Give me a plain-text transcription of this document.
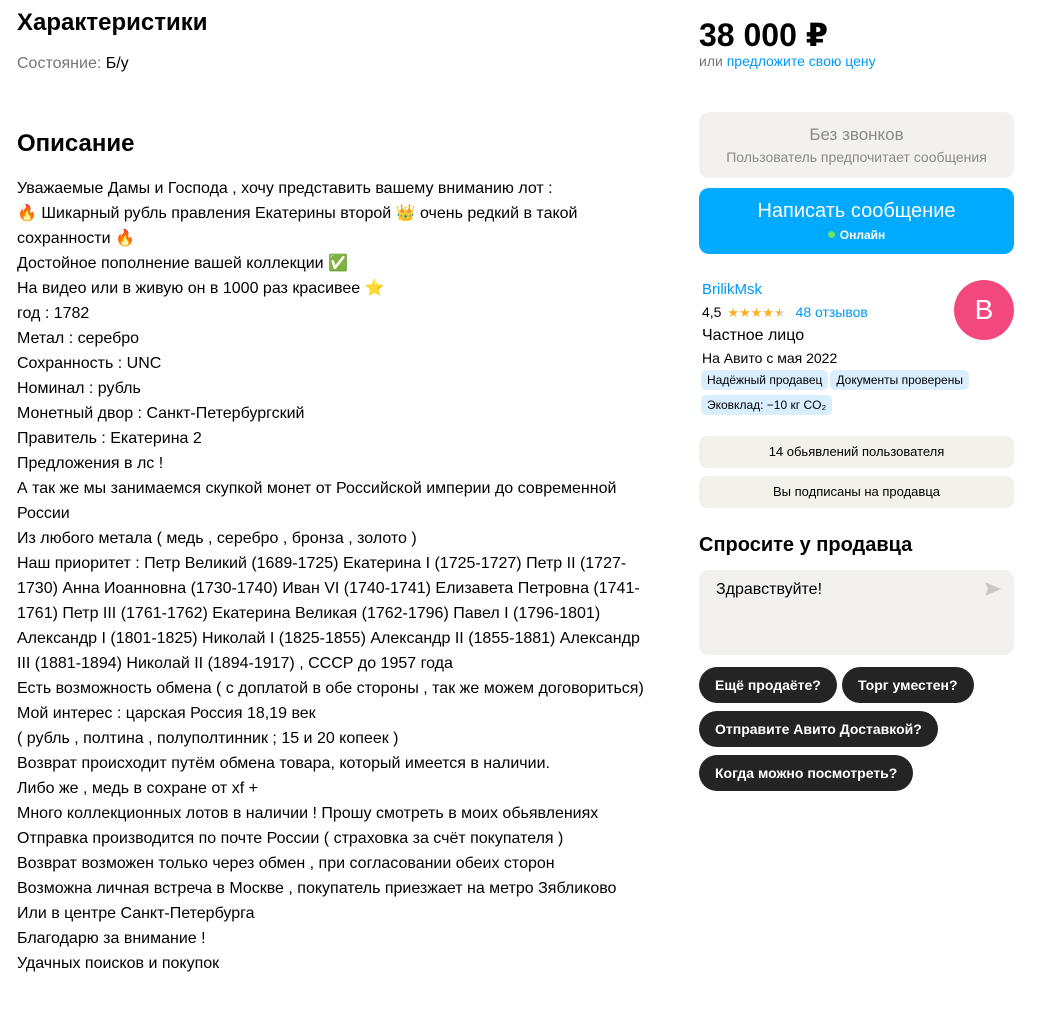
Характеристики
Состояние: Б/у
Описание
Уважаемые Дамы и Господа , хочу представить вашему вниманию лот :
🔥 Шикарный рубль правления Екатерины второй 👑 очень редкий в такой сохранности 🔥
Достойное пополнение вашей коллекции ✅
На видео или в живую он в 1000 раз красивее ⭐
год : 1782
Метал : серебро
Сохранность : UNC
Номинал : рубль
Монетный двор : Санкт-Петербургский
Правитель : Екатерина 2
Предложения в лс !
А так же мы занимаемся скупкой монет от Российской империи до современной России
Из любого метала ( медь , серебро , бронза , золото )
Наш приоритет : Петр Великий (1689-1725) Екатерина I (1725-1727) Петр II (1727-1730) Анна Иоанновна (1730-1740) Иван VI (1740-1741) Елизавета Петровна (1741-1761) Петр III (1761-1762) Екатерина Великая (1762-1796) Павел I (1796-1801) Александр I (1801-1825) Николай I (1825-1855) Александр II (1855-1881) Александр III (1881-1894) Николай II (1894-1917) , СССР до 1957 года
Есть возможность обмена ( с доплатой в обе стороны , так же можем договориться)
Мой интерес : царская Россия 18,19 век
( рубль , полтина , полуполтинник ; 15 и 20 копеек )
Возврат происходит путём обмена товара, который имеется в наличии.
Либо же , медь в сохране от xf +
Много коллекционных лотов в наличии ! Прошу смотреть в моих обьявлениях
Отправка производится по почте России ( страховка за счёт покупателя )
Возврат возможен только через обмен , при согласовании обеих сторон
Возможна личная встреча в Москве , покупатель приезжает на метро Зябликово
Или в центре Санкт-Петербурга
Благодарю за внимание !
Удачных поисков и покупок
38 000 ₽
или предложите свою цену
Без звонков
Пользователь предпочитает сообщения
Написать сообщение
Онлайн
BrilikMsk
4,5 ★★★★★ 48 отзывов
Частное лицо
На Авито с мая 2022
B
Надёжный продавец Документы проверены
Эковклад: −10 кг CO₂
14 обьявлений пользователя
Вы подписаны на продавца
Спросите у продавца
Здравствуйте!
Ещё продаёте?	Торг уместен?
Отправите Авито Доставкой?
Когда можно посмотреть?
